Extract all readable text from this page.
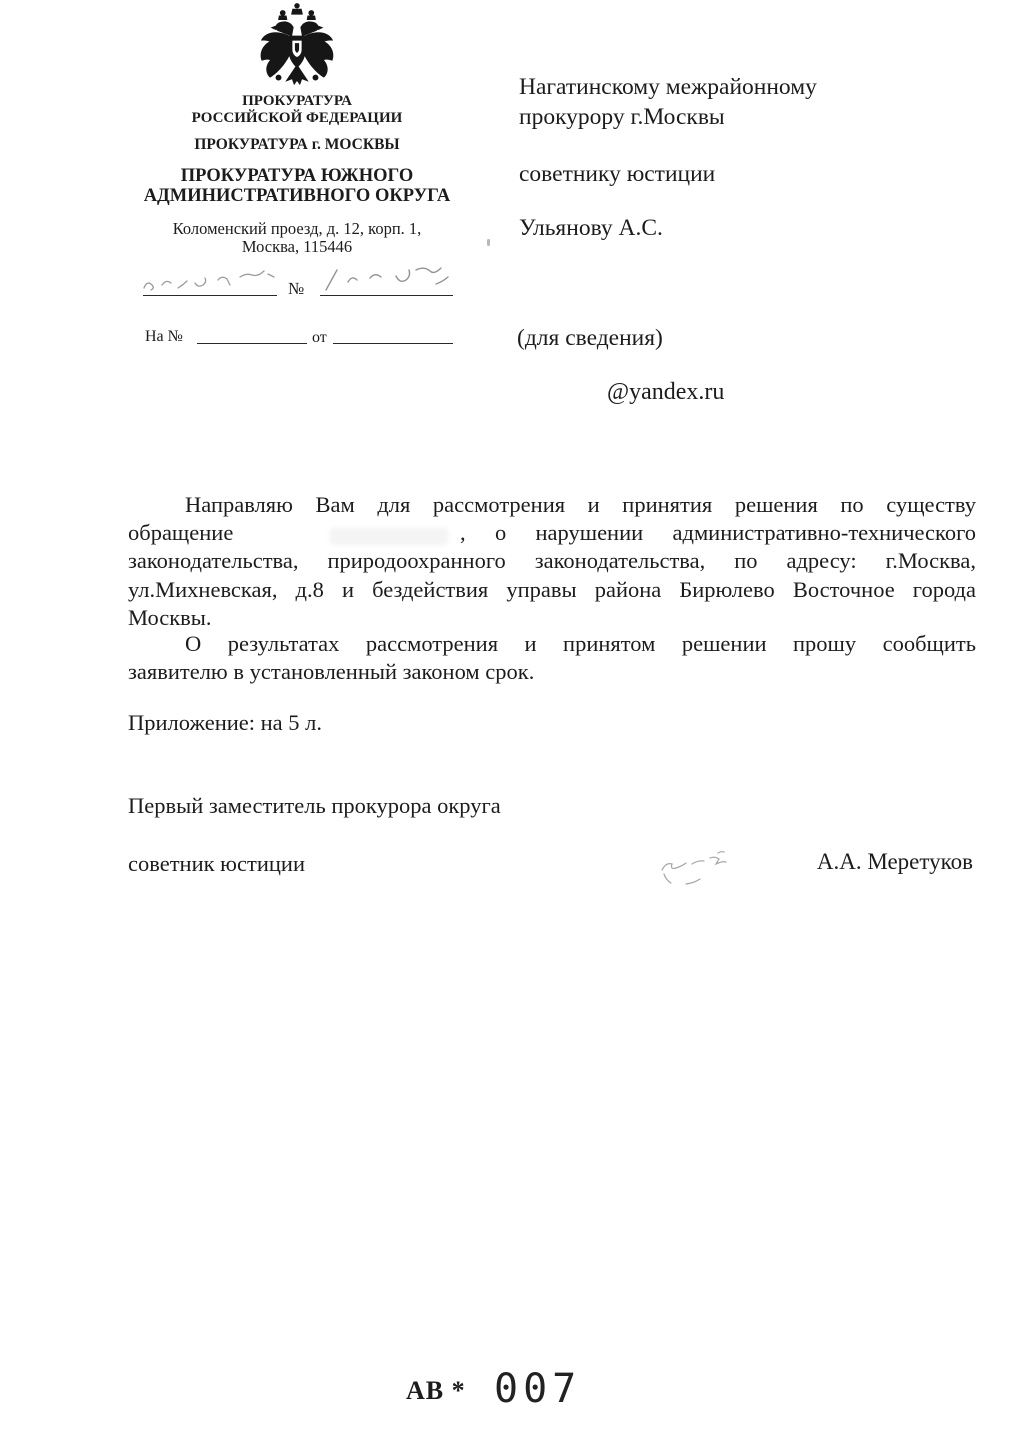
ПРОКУРАТУРА
РОССИЙСКОЙ ФЕДЕРАЦИИ
ПРОКУРАТУРА г. МОСКВЫ
ПРОКУРАТУРА ЮЖНОГО
АДМИНИСТРАТИВНОГО ОКРУГА
Коломенский проезд, д. 12, корп. 1,
Москва, 115446
№
На №	от
Нагатинскому межрайонному
прокурору г.Москвы
советнику юстиции
Ульянову А.С.
(для сведения)
@yandex.ru
Направляю Вам для рассмотрения и принятия решения по существу
обращение	, о нарушении административно-технического
законодательства, природоохранного законодательства, по адресу: г.Москва,
ул.Михневская, д.8 и бездействия управы района Бирюлево Восточное города
Москвы.
О результатах рассмотрения и принятом решении прошу сообщить
заявителю в установленный законом срок.
Приложение: на 5 л.
Первый заместитель прокурора округа
советник юстиции	А.А. Меретуков
АВ * 007
